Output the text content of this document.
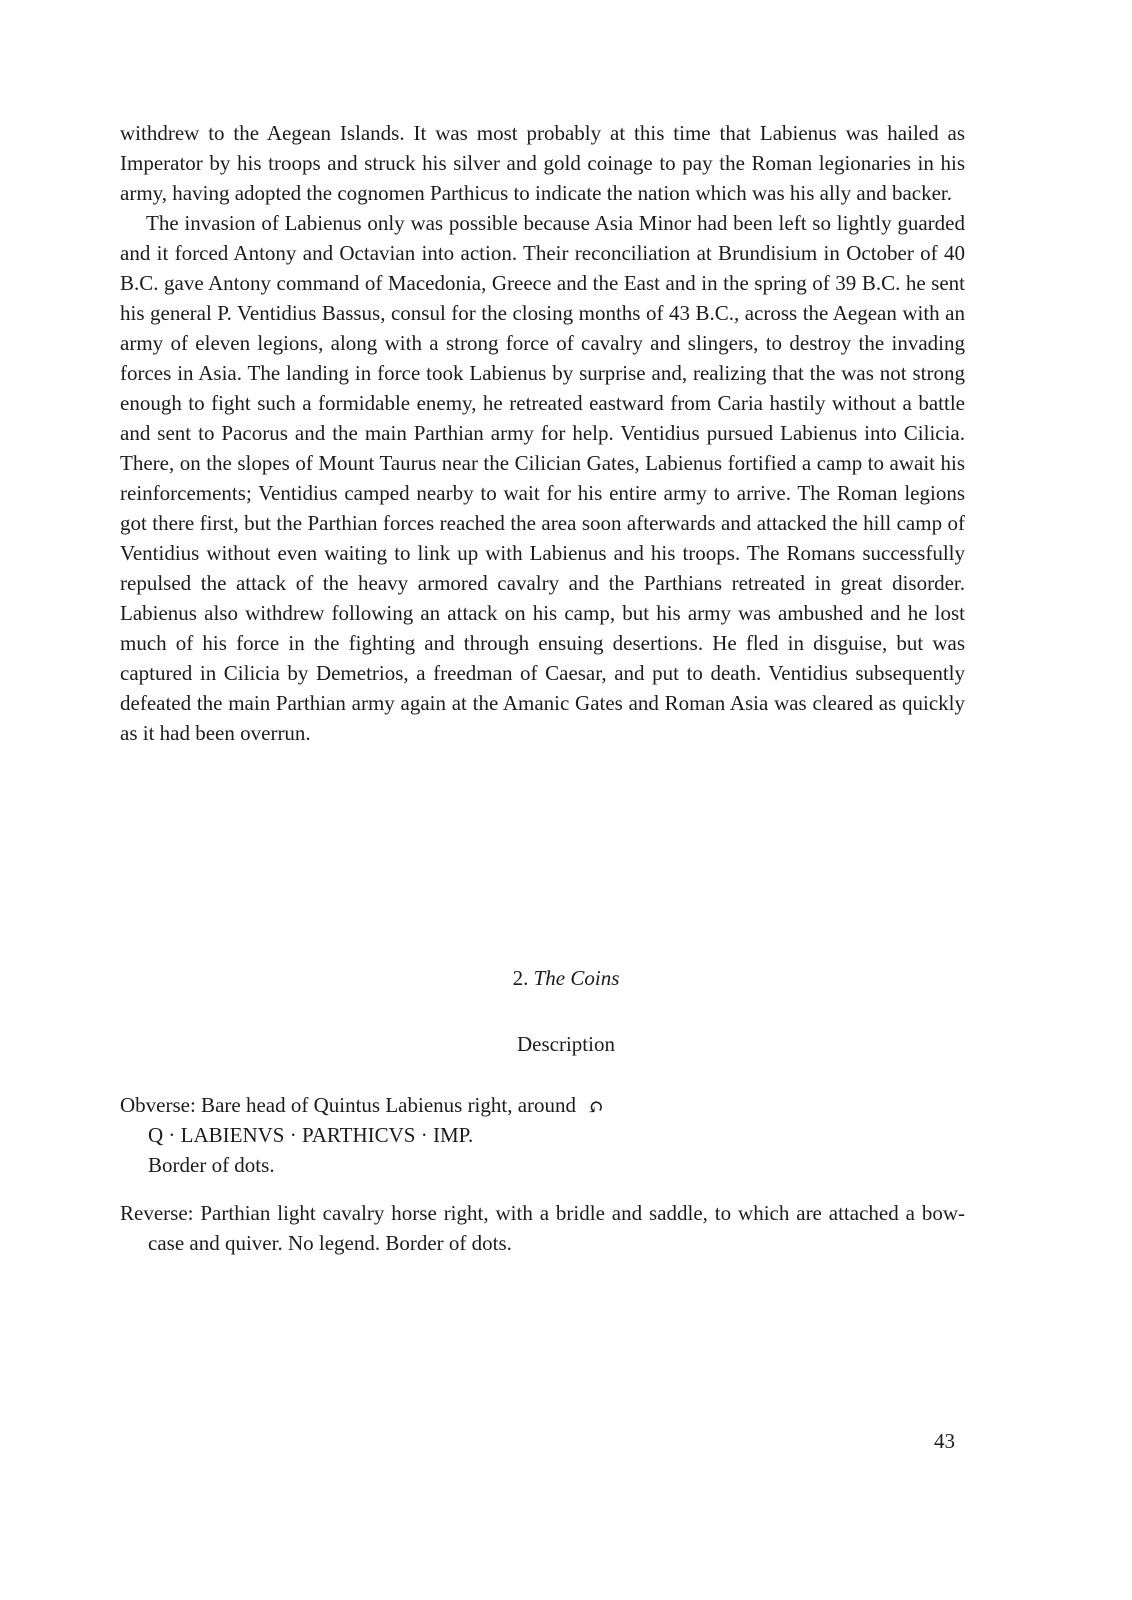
withdrew to the Aegean Islands. It was most probably at this time that Labienus was hailed as Imperator by his troops and struck his silver and gold coinage to pay the Roman legionaries in his army, having adopted the cognomen Parthicus to indicate the nation which was his ally and backer.

The invasion of Labienus only was possible because Asia Minor had been left so lightly guarded and it forced Antony and Octavian into action. Their reconciliation at Brundisium in October of 40 B.C. gave Antony command of Macedonia, Greece and the East and in the spring of 39 B.C. he sent his general P. Ventidius Bassus, consul for the closing months of 43 B.C., across the Aegean with an army of eleven legions, along with a strong force of cavalry and slingers, to destroy the invading forces in Asia. The landing in force took Labienus by surprise and, realizing that the was not strong enough to fight such a formidable enemy, he retreated eastward from Caria hastily without a battle and sent to Pacorus and the main Parthian army for help. Ventidius pursued Labienus into Cilicia. There, on the slopes of Mount Taurus near the Cilician Gates, Labienus fortified a camp to await his reinforcements; Ventidius camped nearby to wait for his entire army to arrive. The Roman legions got there first, but the Parthian forces reached the area soon afterwards and attacked the hill camp of Ventidius without even waiting to link up with Labienus and his troops. The Romans successfully repulsed the attack of the heavy armored cavalry and the Parthians retreated in great disorder. Labienus also withdrew following an attack on his camp, but his army was ambushed and he lost much of his force in the fighting and through ensuing desertions. He fled in disguise, but was captured in Cilicia by Demetrios, a freedman of Caesar, and put to death. Ventidius subsequently defeated the main Parthian army again at the Amanic Gates and Roman Asia was cleared as quickly as it had been overrun.

2. The Coins
Description
Obverse: Bare head of Quintus Labienus right, around ↺
Q · LABIENVS · PARTHICVS · IMP.
Border of dots.
Reverse: Parthian light cavalry horse right, with a bridle and saddle, to which are attached a bow-case and quiver. No legend. Border of dots.
43
